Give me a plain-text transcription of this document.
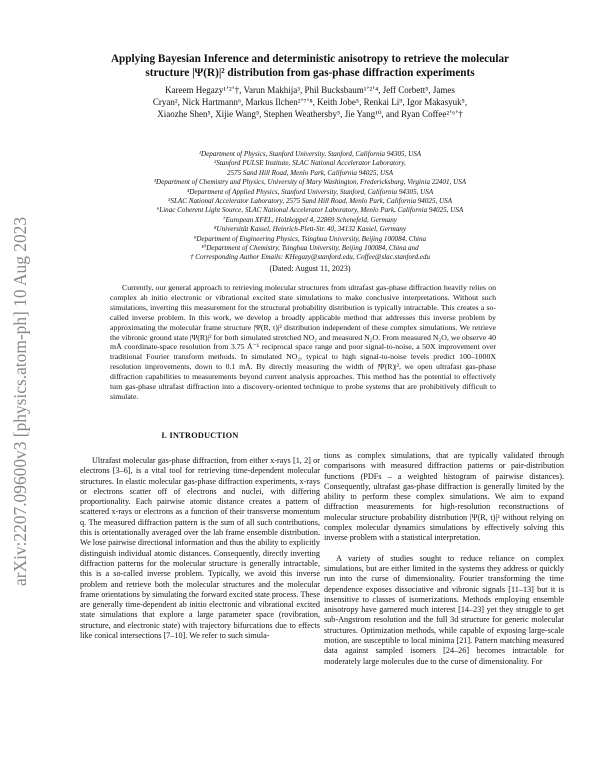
arXiv:2207.09600v3 [physics.atom-ph] 10 Aug 2023
Applying Bayesian Inference and deterministic anisotropy to retrieve the molecular
structure |Ψ(R)|² distribution from gas-phase diffraction experiments
Kareem Hegazy¹ʼ²ʼ†, Varun Makhija³, Phil Bucksbaum¹ʼ²ʼ⁴, Jeff Corbett⁵, James
Cryan², Nick Hartmann⁶, Markus Ilchen²ʼ⁷ʼ⁸, Keith Jobe⁵, Renkai Li⁹, Igor Makasyuk⁵,
Xiaozhe Shen⁵, Xijie Wang⁵, Stephen Weathersby⁵, Jie Yang¹⁰, and Ryan Coffee²ʼ⁶ʼ†
¹Department of Physics, Stanford University, Stanford, California 94305, USA
²Stanford PULSE Institute, SLAC National Accelerator Laboratory,
2575 Sand Hill Road, Menlo Park, California 94025, USA
³Department of Chemistry and Physics, University of Mary Washington, Fredericksburg, Virginia 22401, USA
⁴Department of Applied Physics, Stanford University, Stanford, California 94305, USA
⁵SLAC National Accelerator Laboratory, 2575 Sand Hill Road, Menlo Park, California 94025, USA
⁶Linac Coherent Light Source, SLAC National Accelerator Laboratory, Menlo Park, California 94025, USA
⁷European XFEL, Holzkoppel 4, 22869 Schenefeld, Germany
⁸Universität Kassel, Heinrich-Plett-Str. 40, 34132 Kassel, Germany
⁹Department of Engineering Physics, Tsinghua University, Beijing 100084, China
¹⁰Department of Chemistry, Tsinghua University, Beijing 100084, China and
† Corresponding Author Emails: KHegazy@stanford.edu, Coffee@slac.stanford.edu
(Dated: August 11, 2023)

Currently, our general approach to retrieving molecular structures from ultrafast gas-phase diffraction heavily relies on complex ab initio electronic or vibrational excited state simulations to make conclusive interpretations. Without such simulations, inverting this measurement for the structural probability distribution is typically intractable. This creates a so-called inverse problem. In this work, we develop a broadly applicable method that addresses this inverse problem by approximating the molecular frame structure |Ψ(R, t)|² distribution independent of these complex simulations. We retrieve the vibronic ground state |Ψ(R)|² for both simulated stretched NO₂ and measured N₂O. From measured N₂O, we observe 40 mÅ coordinate-space resolution from 3.75 Å⁻¹ reciprocal space range and poor signal-to-noise, a 50X improvement over traditional Fourier transform methods. In simulated NO₂, typical to high signal-to-noise levels predict 100–1000X resolution improvements, down to 0.1 mÅ. By directly measuring the width of |Ψ(R)|², we open ultrafast gas-phase diffraction capabilities to measurements beyond current analysis approaches. This method has the potential to effectively turn gas-phase ultrafast diffraction into a discovery-oriented technique to probe systems that are prohibitively difficult to simulate.

I. INTRODUCTION

Ultrafast molecular gas-phase diffraction, from either x-rays [1, 2] or electrons [3–6], is a vital tool for retrieving time-dependent molecular structures. In elastic molecular gas-phase diffraction experiments, x-rays or electrons scatter off of electrons and nuclei, with differing proportionality. Each pairwise atomic distance creates a pattern of scattered x-rays or electrons as a function of their transverse momentum q. The measured diffraction pattern is the sum of all such contributions, this is orientationally averaged over the lab frame ensemble distribution. We lose pairwise directional information and thus the ability to explicitly distinguish individual atomic distances. Consequently, directly inverting diffraction patterns for the molecular structure is generally intractable, this is a so-called inverse problem. Typically, we avoid this inverse problem and retrieve both the molecular structures and the molecular frame orientations by simulating the forward excited state process. These are generally time-dependent ab initio electronic and vibrational excited state simulations that explore a large parameter space (rovibration, structure, and electronic state) with trajectory bifurcations due to effects like conical intersections [7–10]. We refer to such simula-

tions as complex simulations, that are typically validated through comparisons with measured diffraction patterns or pair-distribution functions (PDFs – a weighted histogram of pairwise distances). Consequently, ultrafast gas-phase diffraction is generally limited by the ability to perform these complex simulations. We aim to expand diffraction measurements for high-resolution reconstructions of molecular structure probability distribution |Ψ(R, t)|² without relying on complex molecular dynamics simulations by effectively solving this inverse problem with a statistical interpretation.

A variety of studies sought to reduce reliance on complex simulations, but are either limited in the systems they address or quickly run into the curse of dimensionality. Fourier transforming the time dependence exposes dissociative and vibronic signals [11–13] but it is insensitive to classes of isomerizations. Methods employing ensemble anisotropy have garnered much interest [14–23] yet they struggle to get sub-Angstrom resolution and the full 3d structure for generic molecular structures. Optimization methods, while capable of exposing large-scale motion, are susceptible to local minima [21]. Pattern matching measured data against sampled isomers [24–26] becomes intractable for moderately large molecules due to the curse of dimensionality. For
